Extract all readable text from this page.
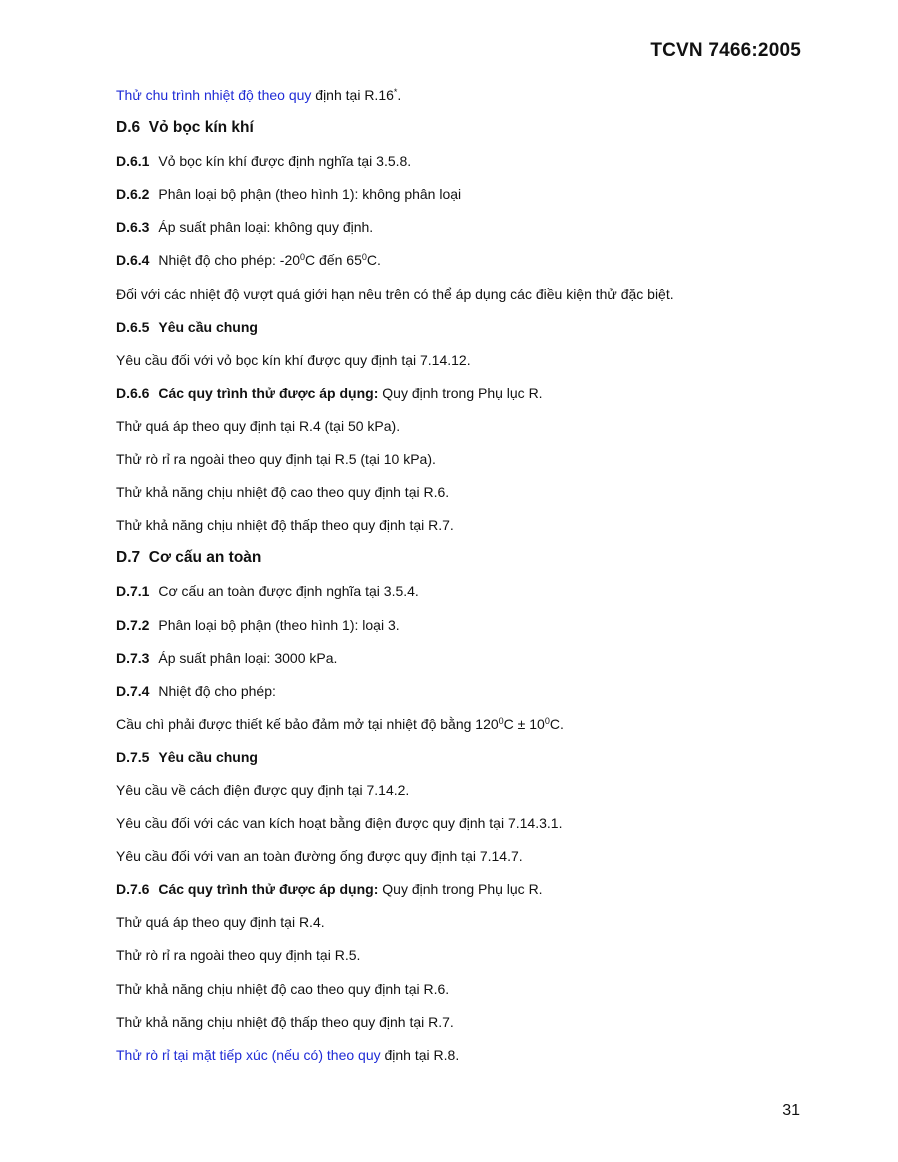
TCVN 7466:2005
Thử chu trình nhiệt độ theo quy định tại R.16*.
D.6 Vỏ bọc kín khí
D.6.1 Vỏ bọc kín khí được định nghĩa tại 3.5.8.
D.6.2 Phân loại bộ phận (theo hình 1): không phân loại
D.6.3 Áp suất phân loại: không quy định.
D.6.4 Nhiệt độ cho phép: $-20^0C$ đến $65^0C$.
Đối với các nhiệt độ vượt quá giới hạn nêu trên có thể áp dụng các điều kiện thử đặc biệt.
D.6.5 Yêu cầu chung
Yêu cầu đối với vỏ bọc kín khí được quy định tại 7.14.12.
D.6.6 Các quy trình thử được áp dụng: Quy định trong Phụ lục R.
Thử quá áp theo quy định tại R.4 (tại 50 kPa).
Thử rò rỉ ra ngoài theo quy định tại R.5 (tại 10 kPa).
Thử khả năng chịu nhiệt độ cao theo quy định tại R.6.
Thử khả năng chịu nhiệt độ thấp theo quy định tại R.7.
D.7 Cơ cấu an toàn
D.7.1 Cơ cấu an toàn được định nghĩa tại 3.5.4.
D.7.2 Phân loại bộ phận (theo hình 1): loại 3.
D.7.3 Áp suất phân loại: 3000 kPa.
D.7.4 Nhiệt độ cho phép:
Cầu chì phải được thiết kế bảo đảm mở tại nhiệt độ bằng $120^0C \pm 10^0C$.
D.7.5 Yêu cầu chung
Yêu cầu về cách điện được quy định tại 7.14.2.
Yêu cầu đối với các van kích hoạt bằng điện được quy định tại 7.14.3.1.
Yêu cầu đối với van an toàn đường ống được quy định tại 7.14.7.
D.7.6 Các quy trình thử được áp dụng: Quy định trong Phụ lục R.
Thử quá áp theo quy định tại R.4.
Thử rò rỉ ra ngoài theo quy định tại R.5.
Thử khả năng chịu nhiệt độ cao theo quy định tại R.6.
Thử khả năng chịu nhiệt độ thấp theo quy định tại R.7.
Thử rò rỉ tại mặt tiếp xúc (nếu có) theo quy định tại R.8.
31
